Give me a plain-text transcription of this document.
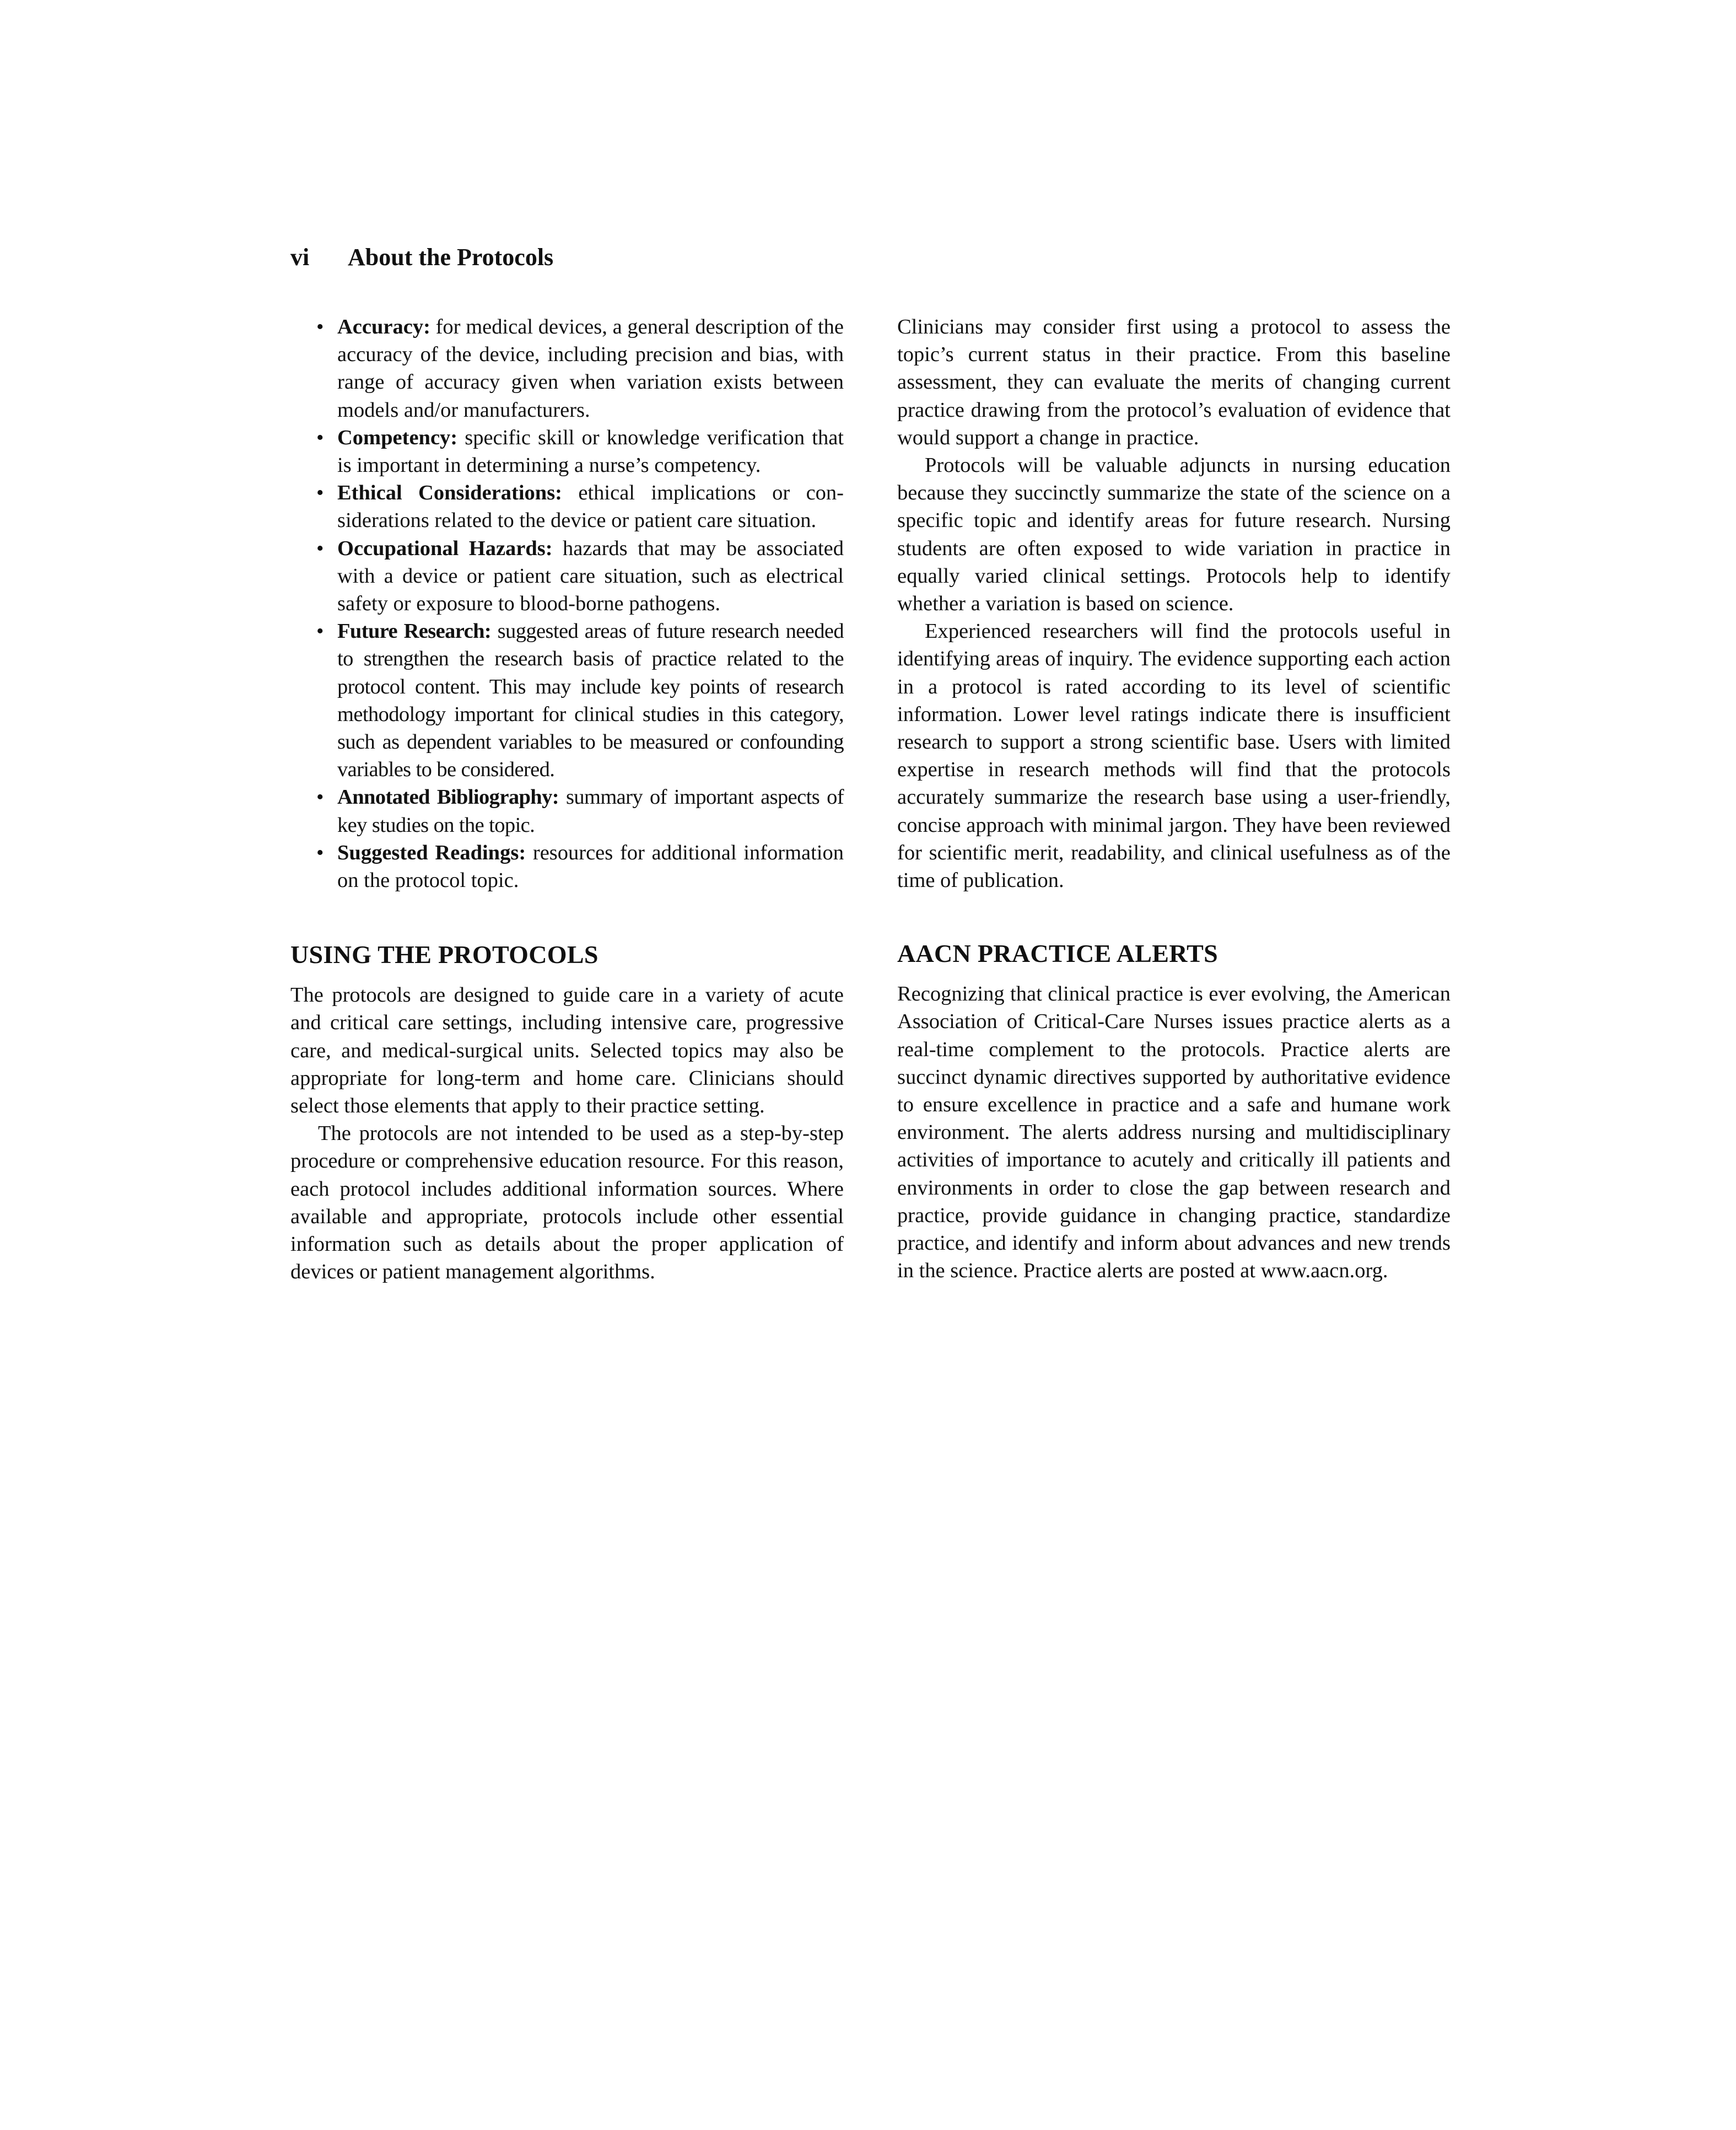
vi About the Protocols
• Accuracy: for medical devices, a general description of the accuracy of the device, including precision and bias, with range of accuracy given when variation exists between models and/or manufacturers.
• Competency: specific skill or knowledge verification that is important in determining a nurse’s competency.
• Ethical Considerations: ethical implications or considerations related to the device or patient care situation.
• Occupational Hazards: hazards that may be associated with a device or patient care situation, such as electrical safety or exposure to blood-borne pathogens.
• Future Research: suggested areas of future research needed to strengthen the research basis of practice related to the protocol content. This may include key points of research methodology important for clinical studies in this category, such as dependent variables to be measured or confounding variables to be considered.
• Annotated Bibliography: summary of important aspects of key studies on the topic.
• Suggested Readings: resources for additional information on the protocol topic.
USING THE PROTOCOLS

The protocols are designed to guide care in a variety of acute and critical care settings, including intensive care, progressive care, and medical-surgical units. Selected topics may also be appropriate for long-term and home care. Clinicians should select those elements that apply to their practice setting.

The protocols are not intended to be used as a step-by-step procedure or comprehensive education resource. For this reason, each protocol includes additional information sources. Where available and appropriate, protocols include other essential information such as details about the proper application of devices or patient management algorithms.

Clinicians may consider first using a protocol to assess the topic’s current status in their practice. From this baseline assessment, they can evaluate the merits of changing current practice drawing from the protocol’s evaluation of evidence that would support a change in practice.

Protocols will be valuable adjuncts in nursing education because they succinctly summarize the state of the science on a specific topic and identify areas for future research. Nursing students are often exposed to wide variation in practice in equally varied clinical settings. Protocols help to identify whether a variation is based on science.

Experienced researchers will find the protocols useful in identifying areas of inquiry. The evidence supporting each action in a protocol is rated according to its level of scientific information. Lower level ratings indicate there is insufficient research to support a strong scientific base. Users with limited expertise in research methods will find that the protocols accurately summarize the research base using a user-friendly, concise approach with minimal jargon. They have been reviewed for scientific merit, readability, and clinical usefulness as of the time of publication.

AACN PRACTICE ALERTS

Recognizing that clinical practice is ever evolving, the American Association of Critical-Care Nurses issues practice alerts as a real-time complement to the protocols. Practice alerts are succinct dynamic directives supported by authoritative evidence to ensure excellence in practice and a safe and humane work environment. The alerts address nursing and multidisciplinary activities of importance to acutely and critically ill patients and environments in order to close the gap between research and practice, provide guidance in changing practice, standardize practice, and identify and inform about advances and new trends in the science. Practice alerts are posted at www.aacn.org.
